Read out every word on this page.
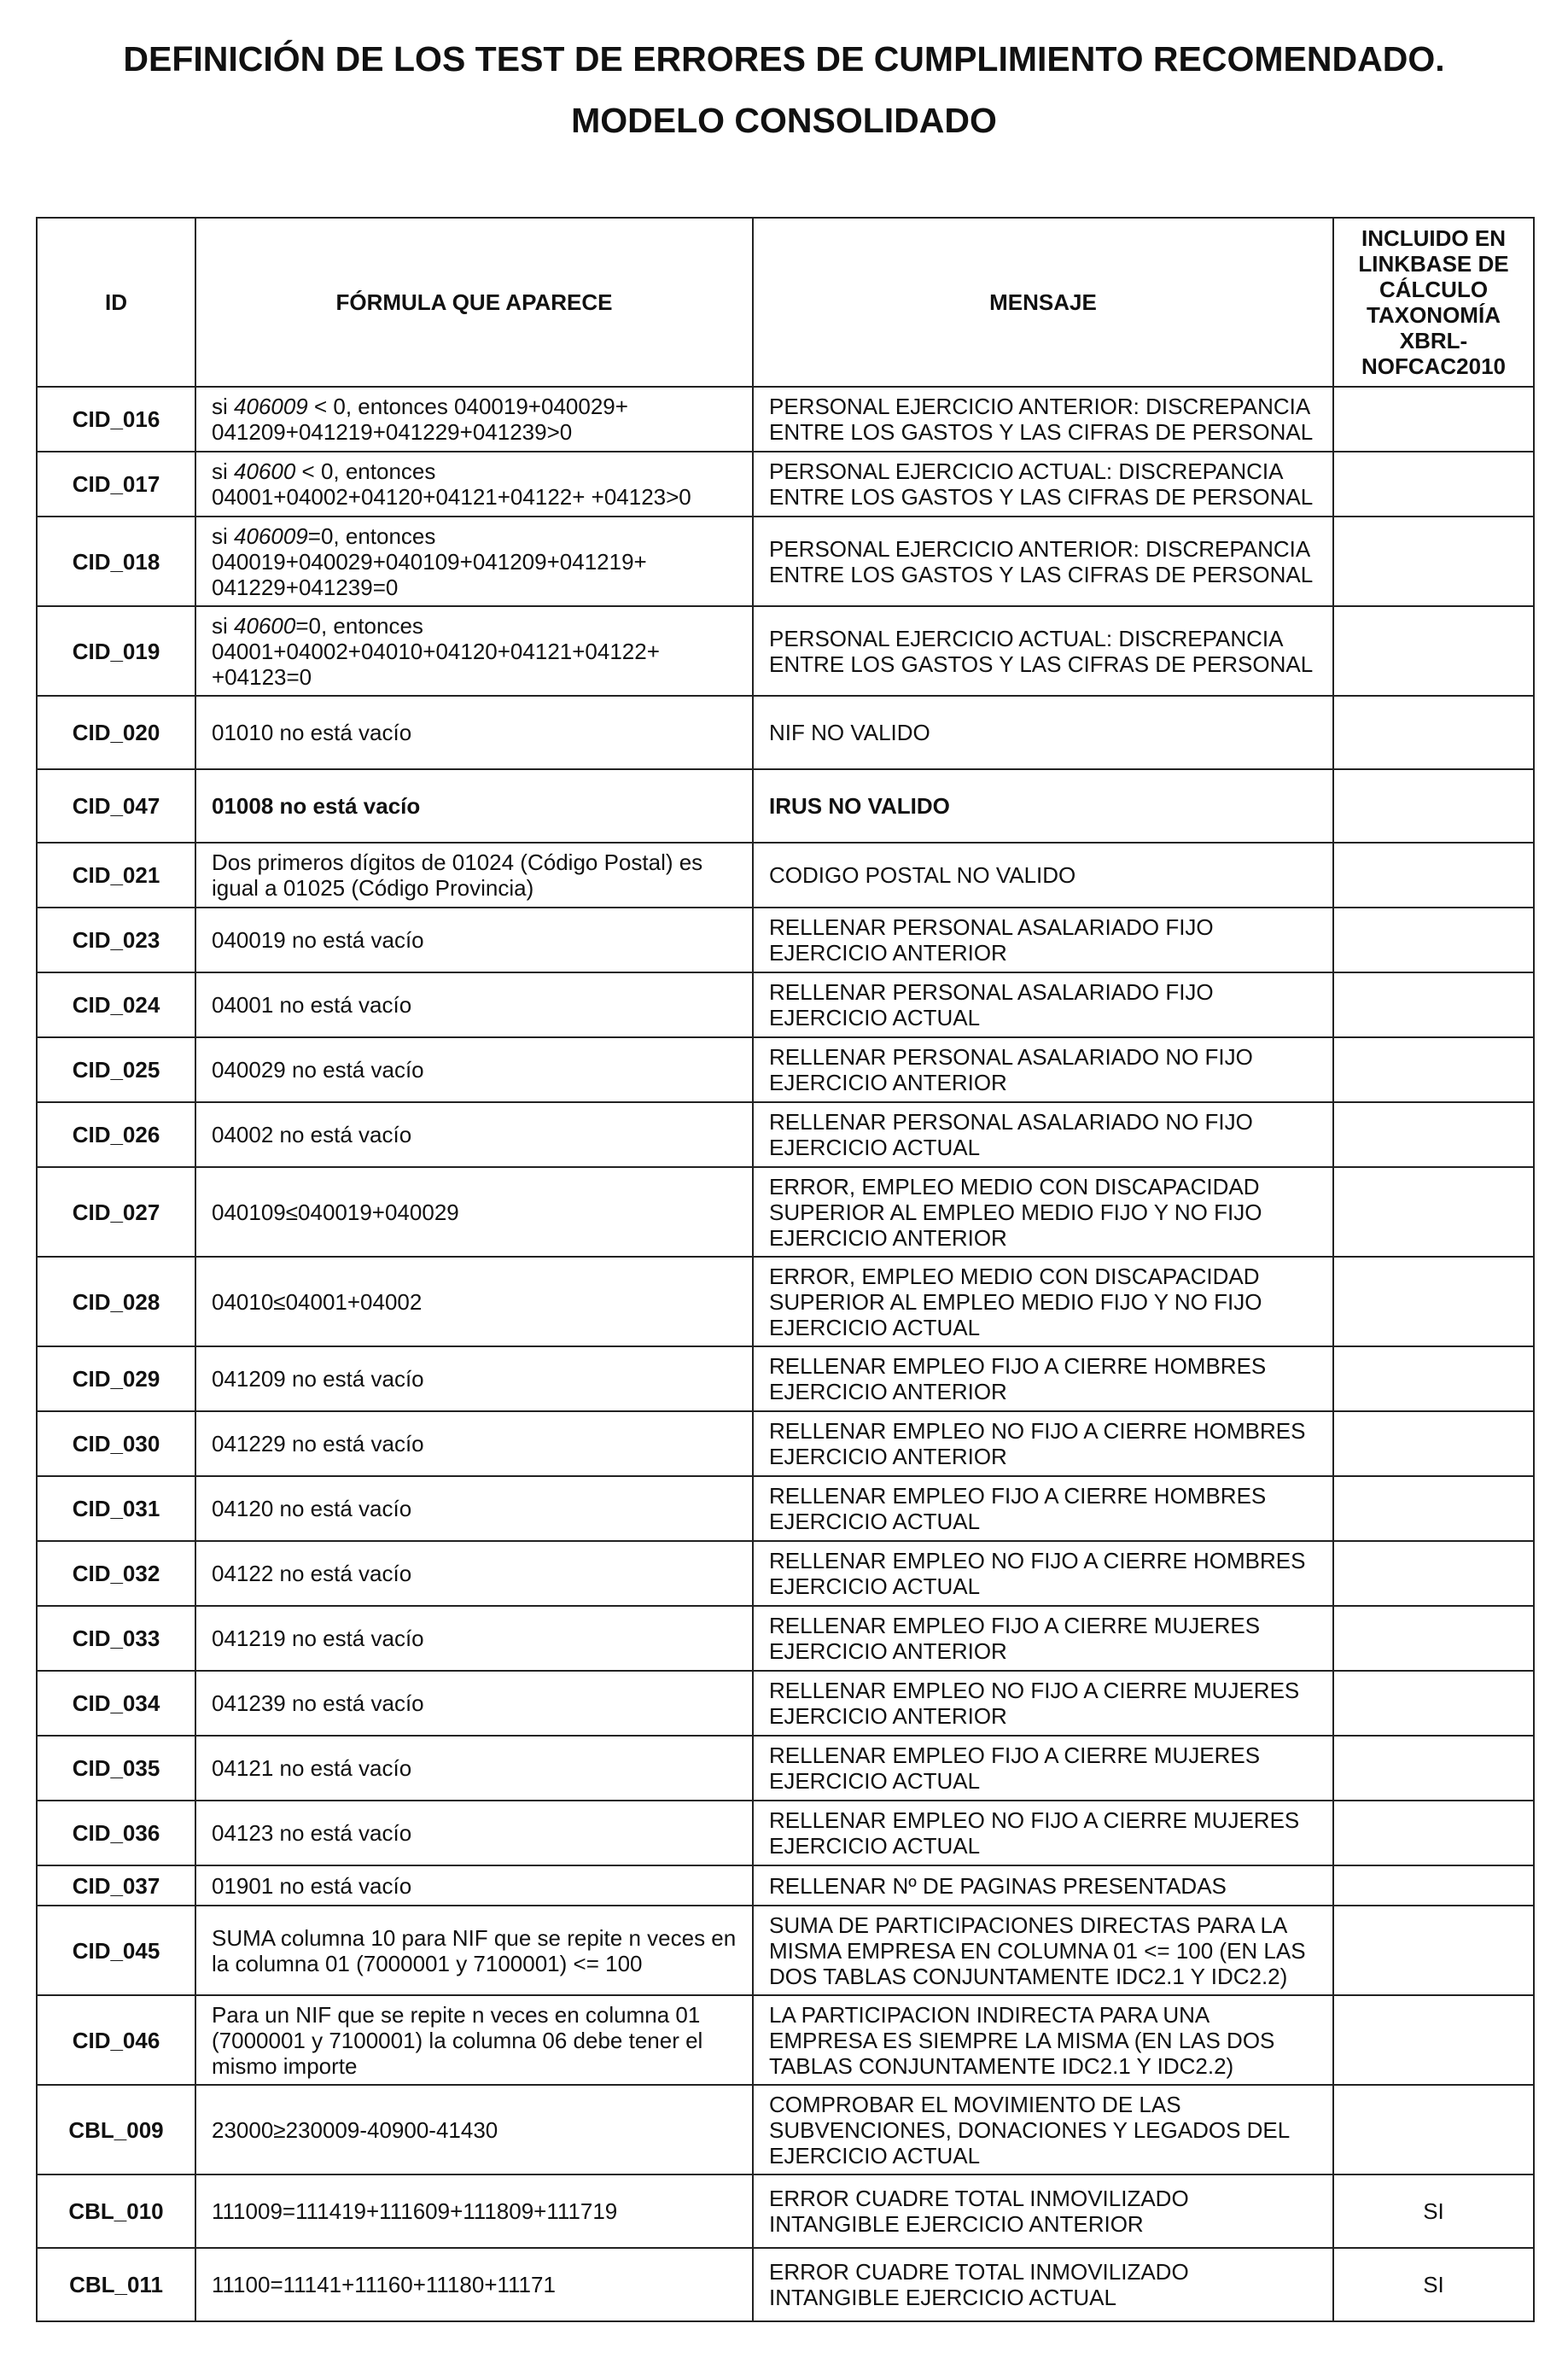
DEFINICIÓN DE LOS TEST DE ERRORES DE CUMPLIMIENTO RECOMENDADO.
MODELO CONSOLIDADO
ID	FÓRMULA QUE APARECE	MENSAJE	INCLUIDO EN LINKBASE DE CÁLCULO TAXONOMÍA XBRL-NOFCAC2010
CID_016	si 406009 < 0, entonces 040019+040029+ 041209+041219+041229+041239>0	PERSONAL EJERCICIO ANTERIOR: DISCREPANCIA ENTRE LOS GASTOS Y LAS CIFRAS DE PERSONAL	
CID_017	si 40600 < 0, entonces 04001+04002+04120+04121+04122+ +04123>0	PERSONAL EJERCICIO ACTUAL: DISCREPANCIA ENTRE LOS GASTOS Y LAS CIFRAS DE PERSONAL	
CID_018	si 406009=0, entonces 040019+040029+040109+041209+041219+ 041229+041239=0	PERSONAL EJERCICIO ANTERIOR: DISCREPANCIA ENTRE LOS GASTOS Y LAS CIFRAS DE PERSONAL	
CID_019	si 40600=0, entonces 04001+04002+04010+04120+04121+04122+ +04123=0	PERSONAL EJERCICIO ACTUAL: DISCREPANCIA ENTRE LOS GASTOS Y LAS CIFRAS DE PERSONAL	
CID_020	01010 no está vacío	NIF NO VALIDO	
CID_047	01008 no está vacío	IRUS NO VALIDO	
CID_021	Dos primeros dígitos de 01024 (Código Postal) es igual a 01025 (Código Provincia)	CODIGO POSTAL NO VALIDO	
CID_023	040019 no está vacío	RELLENAR PERSONAL ASALARIADO FIJO EJERCICIO ANTERIOR	
CID_024	04001 no está vacío	RELLENAR PERSONAL ASALARIADO FIJO EJERCICIO ACTUAL	
CID_025	040029 no está vacío	RELLENAR PERSONAL ASALARIADO NO FIJO EJERCICIO ANTERIOR	
CID_026	04002 no está vacío	RELLENAR PERSONAL ASALARIADO NO FIJO EJERCICIO ACTUAL	
CID_027	040109≤040019+040029	ERROR, EMPLEO MEDIO CON DISCAPACIDAD SUPERIOR AL EMPLEO MEDIO FIJO Y NO FIJO EJERCICIO ANTERIOR	
CID_028	04010≤04001+04002	ERROR, EMPLEO MEDIO CON DISCAPACIDAD SUPERIOR AL EMPLEO MEDIO FIJO Y NO FIJO EJERCICIO ACTUAL	
CID_029	041209 no está vacío	RELLENAR EMPLEO FIJO A CIERRE HOMBRES EJERCICIO ANTERIOR	
CID_030	041229 no está vacío	RELLENAR EMPLEO NO FIJO A CIERRE HOMBRES EJERCICIO ANTERIOR	
CID_031	04120 no está vacío	RELLENAR EMPLEO FIJO A CIERRE HOMBRES EJERCICIO ACTUAL	
CID_032	04122 no está vacío	RELLENAR EMPLEO NO FIJO A CIERRE HOMBRES EJERCICIO ACTUAL	
CID_033	041219 no está vacío	RELLENAR EMPLEO FIJO A CIERRE MUJERES EJERCICIO ANTERIOR	
CID_034	041239 no está vacío	RELLENAR EMPLEO NO FIJO A CIERRE MUJERES EJERCICIO ANTERIOR	
CID_035	04121 no está vacío	RELLENAR EMPLEO FIJO A CIERRE MUJERES EJERCICIO ACTUAL	
CID_036	04123 no está vacío	RELLENAR EMPLEO NO FIJO A CIERRE MUJERES EJERCICIO ACTUAL	
CID_037	01901 no está vacío	RELLENAR Nº DE PAGINAS PRESENTADAS	
CID_045	SUMA columna 10 para NIF que se repite n veces en la columna 01 (7000001 y 7100001) <= 100	SUMA DE PARTICIPACIONES DIRECTAS PARA LA MISMA EMPRESA EN COLUMNA 01 <= 100 (EN LAS DOS TABLAS CONJUNTAMENTE IDC2.1 Y IDC2.2)	
CID_046	Para un NIF que se repite n veces en columna 01 (7000001 y 7100001) la columna 06 debe tener el mismo importe	LA PARTICIPACION INDIRECTA PARA UNA EMPRESA ES SIEMPRE LA MISMA (EN LAS DOS TABLAS CONJUNTAMENTE IDC2.1 Y IDC2.2)	
CBL_009	23000≥230009-40900-41430	COMPROBAR EL MOVIMIENTO DE LAS SUBVENCIONES, DONACIONES Y LEGADOS DEL EJERCICIO ACTUAL	
CBL_010	111009=111419+111609+111809+111719	ERROR CUADRE TOTAL INMOVILIZADO INTANGIBLE EJERCICIO ANTERIOR	SI
CBL_011	11100=11141+11160+11180+11171	ERROR CUADRE TOTAL INMOVILIZADO INTANGIBLE EJERCICIO ACTUAL	SI
